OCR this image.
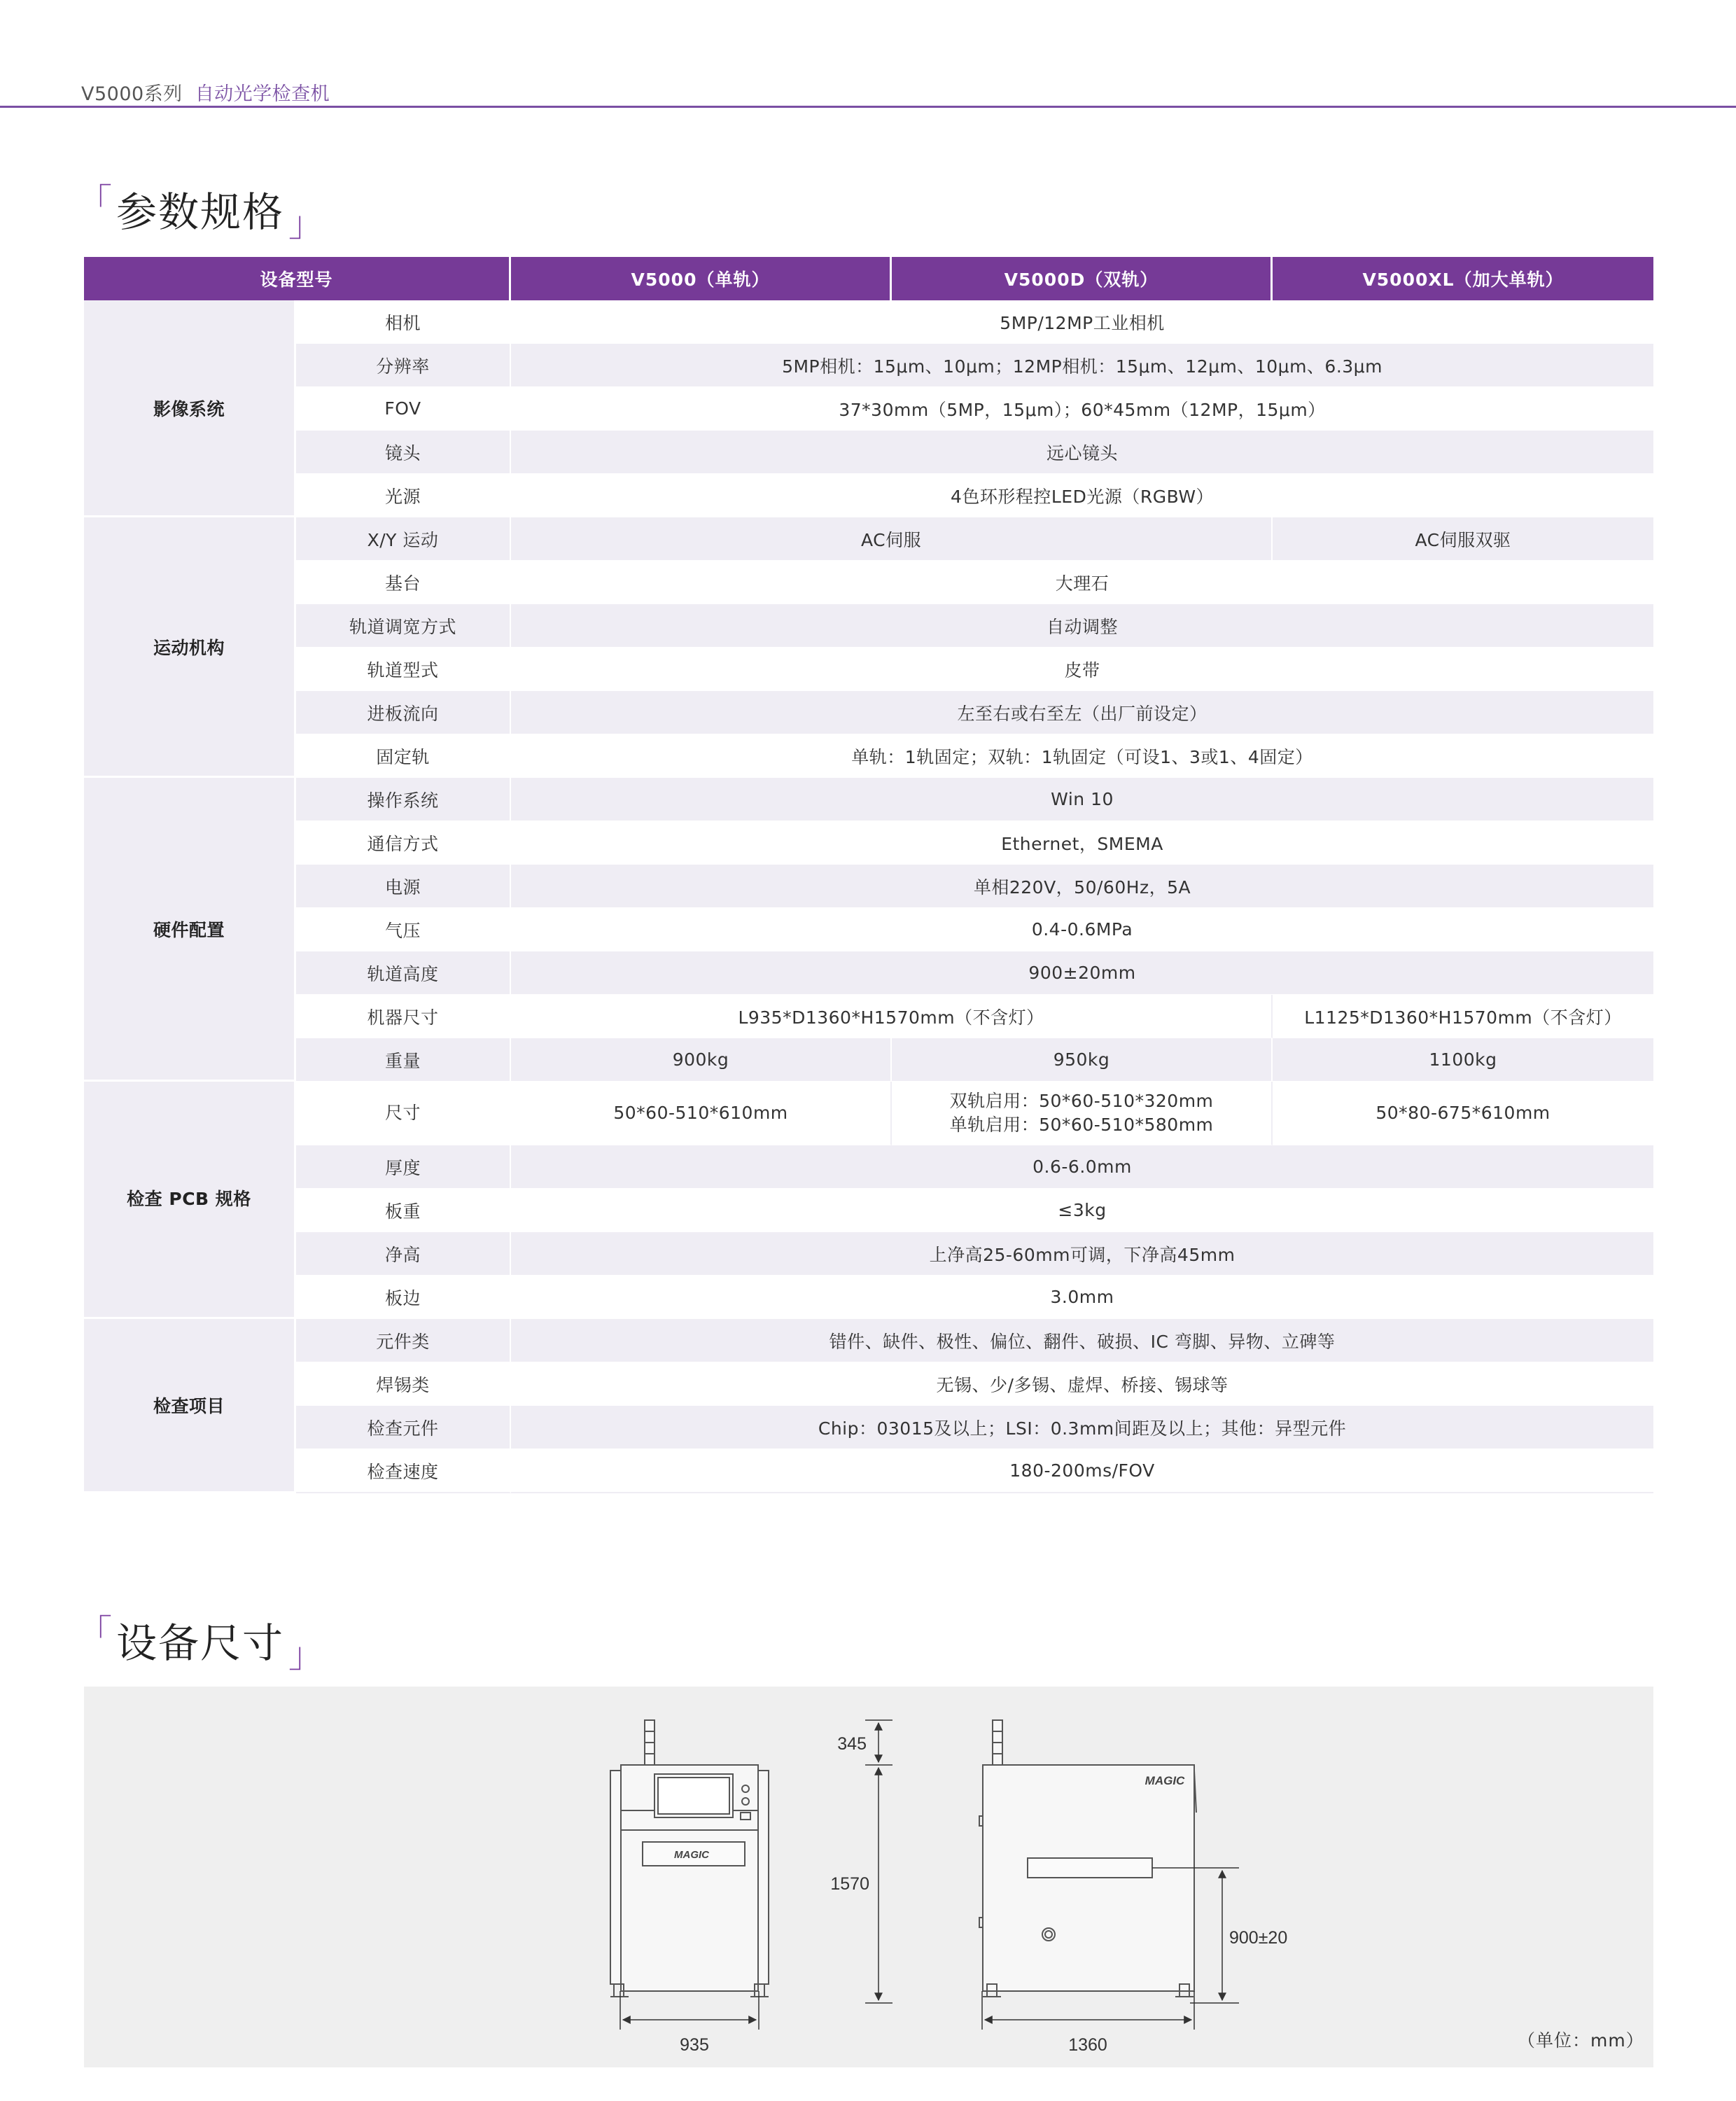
V5000系列 自动光学检查机
「参数规格 」
设备型号		V5000（单轨）	V5000D（双轨）	V5000XL（加大单轨）
影像系统	相机	5MP/12MP工业相机		
	分辨率	5MP相机：15μm、10μm；12MP相机：15μm、12μm、10μm、6.3μm		
	FOV	37*30mm（5MP，15μm）；60*45mm（12MP，15μm）		
	镜头	远心镜头		
	光源	4色环形程控LED光源（RGBW）		
运动机构	X/Y 运动	AC伺服		AC伺服双驱
	基台	大理石		
	轨道调宽方式	自动调整		
	轨道型式	皮带		
	进板流向	左至右或右至左（出厂前设定）		
	固定轨	单轨：1轨固定；双轨：1轨固定（可设1、3或1、4固定）		
硬件配置	操作系统	Win 10		
	通信方式	Ethernet，SMEMA		
	电源	单相220V，50/60Hz，5A		
	气压	0.4-0.6MPa		
	轨道高度	900±20mm		
	机器尺寸	L935*D1360*H1570mm（不含灯）		L1125*D1360*H1570mm（不含灯）
	重量	900kg	950kg	1100kg
检查 PCB 规格	尺寸	50*60-510*610mm	双轨启用：50*60-510*320mm
单轨启用：50*60-510*580mm	50*80-675*610mm
	厚度	0.6-6.0mm		
	板重	≤3kg		
	净高	上净高25-60mm可调，下净高45mm		
	板边	3.0mm		
检查项目	元件类	错件、缺件、极性、偏位、翻件、破损、IC 弯脚、异物、立碑等		
	焊锡类	无锡、少/多锡、虚焊、桥接、锡球等		
	检查元件	Chip：03015及以上；LSI：0.3mm间距及以上；其他：异型元件		
	检查速度	180-200ms/FOV		
「设备尺寸 」
MAGIC
935
345
1570
MAGIC
1360
900±20
（单位：mm）
